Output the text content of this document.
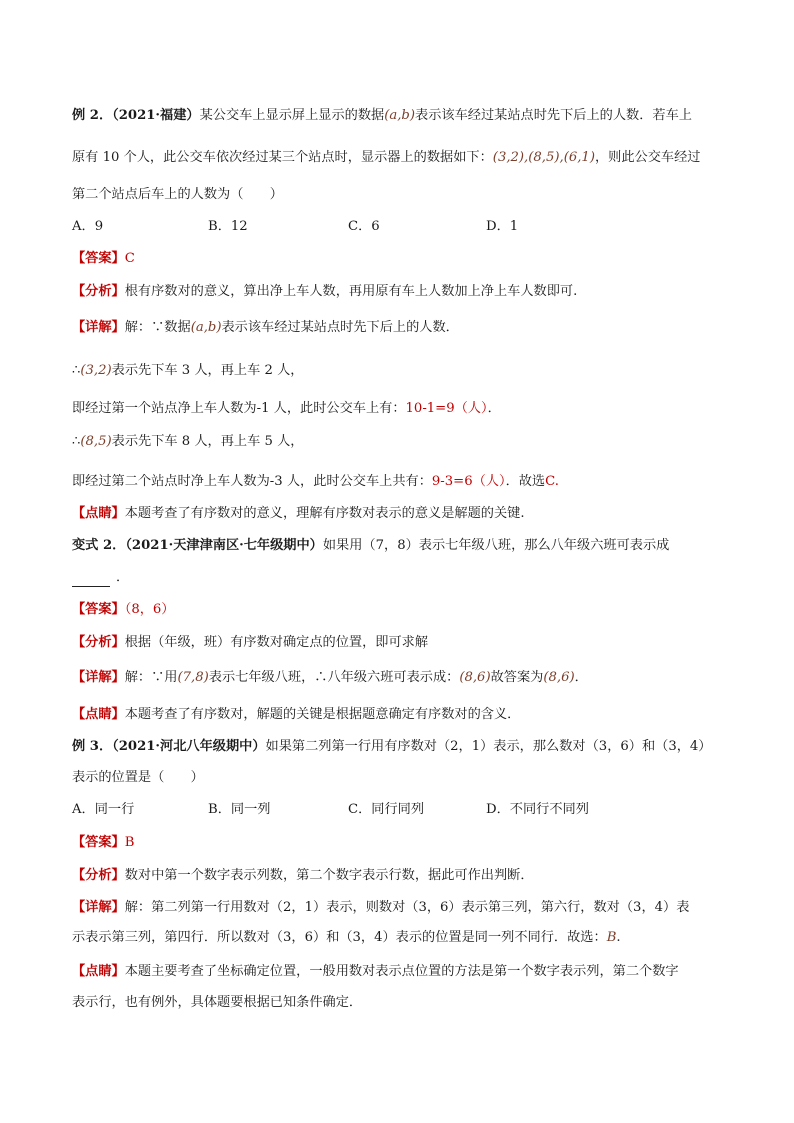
例 2．（2021·福建）某公交车上显示屏上显示的数据(a,b)表示该车经过某站点时先下后上的人数．若车上
原有 10 个人，此公交车依次经过某三个站点时，显示器上的数据如下：(3,2),(8,5),(6,1)，则此公交车经过
第二个站点后车上的人数为（　　）
A．9	B．12	C．6	D．1
【答案】C
【分析】根有序数对的意义，算出净上车人数，再用原有车上人数加上净上车人数即可.
【详解】解：∵数据(a,b)表示该车经过某站点时先下后上的人数．
∴(3,2)表示先下车 3 人，再上车 2 人，
即经过第一个站点净上车人数为-1 人，此时公交车上有：10-1=9（人）．
∴(8,5)表示先下车 8 人，再上车 5 人，
即经过第二个站点时净上车人数为-3 人，此时公交车上共有：9-3=6（人）．故选C.
【点睛】本题考查了有序数对的意义，理解有序数对表示的意义是解题的关键.
变式 2．（2021·天津津南区·七年级期中）如果用（7，8）表示七年级八班，那么八年级六班可表示成
．
【答案】（8，6）
【分析】根据（年级，班）有序数对确定点的位置，即可求解
【详解】解：∵用(7,8)表示七年级八班，∴八年级六班可表示成：(8,6)故答案为(8,6)．
【点睛】本题考查了有序数对，解题的关键是根据题意确定有序数对的含义．
例 3．（2021·河北八年级期中）如果第二列第一行用有序数对（2，1）表示，那么数对（3，6）和（3，4）
表示的位置是（　　）
A．同一行	B．同一列	C．同行同列	D．不同行不同列
【答案】B
【分析】数对中第一个数字表示列数，第二个数字表示行数，据此可作出判断．
【详解】解：第二列第一行用数对（2，1）表示，则数对（3，6）表示第三列，第六行，数对（3，4）表
示表示第三列，第四行．所以数对（3，6）和（3，4）表示的位置是同一列不同行．故选：B.
【点睛】本题主要考查了坐标确定位置，一般用数对表示点位置的方法是第一个数字表示列，第二个数字
表示行，也有例外，具体题要根据已知条件确定．
